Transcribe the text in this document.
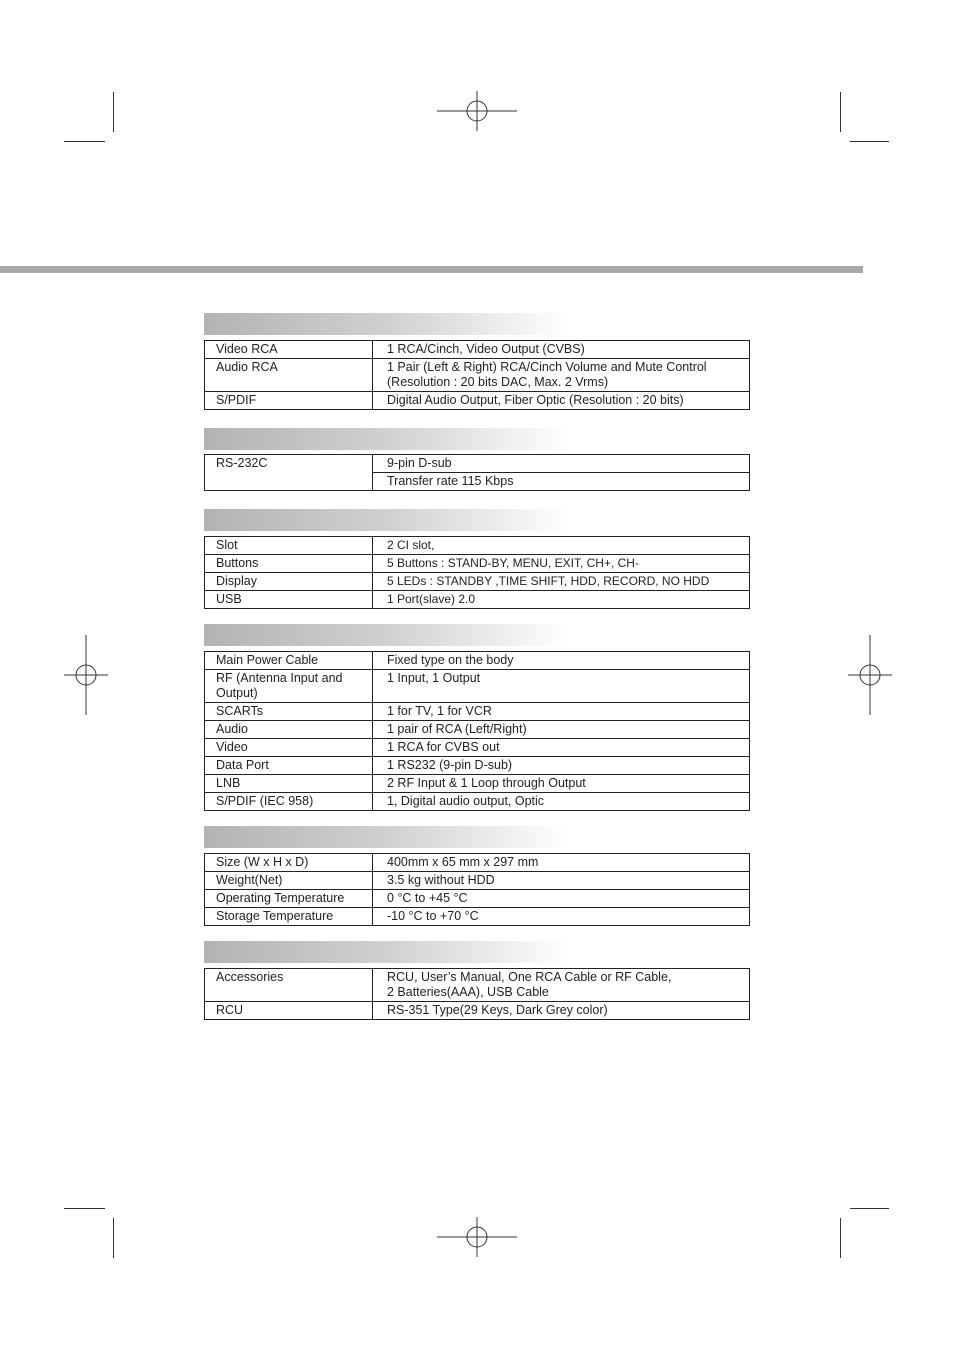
Video RCA	1 RCA/Cinch, Video Output (CVBS)
Audio RCA	1 Pair (Left & Right) RCA/Cinch Volume and Mute Control
(Resolution : 20 bits DAC, Max. 2 Vrms)
S/PDIF	Digital Audio Output, Fiber Optic (Resolution : 20 bits)
RS-232C	9-pin D-sub
Transfer rate 115 Kbps
Slot	2 CI slot,
Buttons	5 Buttons : STAND-BY, MENU, EXIT, CH+, CH-
Display	5 LEDs : STANDBY ,TIME SHIFT, HDD, RECORD, NO HDD
USB	1 Port(slave) 2.0
Main Power Cable	Fixed type on the body
RF (Antenna Input and
Output)	1 Input, 1 Output
SCARTs	1 for TV, 1 for VCR
Audio	1 pair of RCA (Left/Right)
Video	1 RCA for CVBS out
Data Port	1 RS232 (9-pin D-sub)
LNB	2 RF Input & 1 Loop through Output
S/PDIF (IEC 958)	1, Digital audio output, Optic
Size (W x H x D)	400mm x 65 mm x 297 mm
Weight(Net)	3.5 kg without HDD
Operating Temperature	0 °C to +45 °C
Storage Temperature	-10 °C to +70 °C
Accessories	RCU, User’s Manual, One RCA Cable or RF Cable,
2 Batteries(AAA), USB Cable
RCU	RS-351 Type(29 Keys, Dark Grey color)
